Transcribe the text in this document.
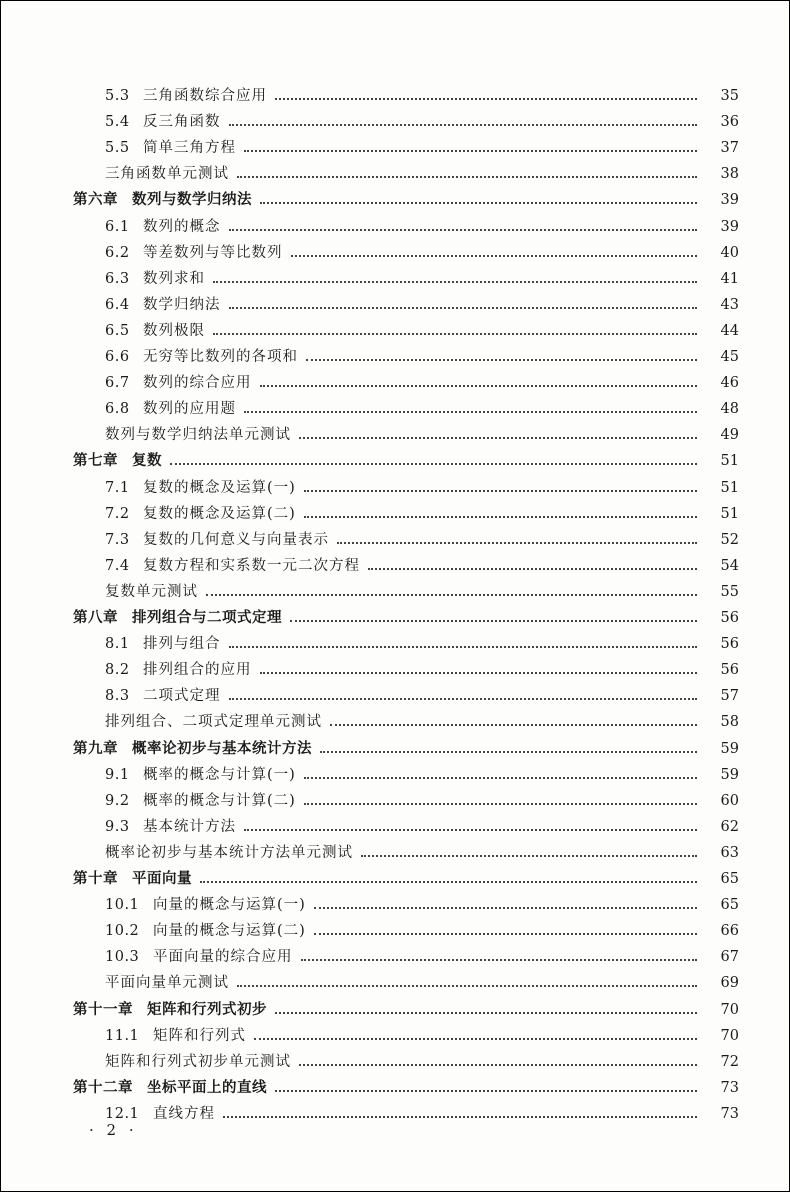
5.3 三角函数综合应用	35
5.4 反三角函数	36
5.5 简单三角方程	37
三角函数单元测试	38
第六章 数列与数学归纳法	39
6.1 数列的概念	39
6.2 等差数列与等比数列	40
6.3 数列求和	41
6.4 数学归纳法	43
6.5 数列极限	44
6.6 无穷等比数列的各项和	45
6.7 数列的综合应用	46
6.8 数列的应用题	48
数列与数学归纳法单元测试	49
第七章 复数	51
7.1 复数的概念及运算(一)	51
7.2 复数的概念及运算(二)	51
7.3 复数的几何意义与向量表示	52
7.4 复数方程和实系数一元二次方程	54
复数单元测试	55
第八章 排列组合与二项式定理	56
8.1 排列与组合	56
8.2 排列组合的应用	56
8.3 二项式定理	57
排列组合、二项式定理单元测试	58
第九章 概率论初步与基本统计方法	59
9.1 概率的概念与计算(一)	59
9.2 概率的概念与计算(二)	60
9.3 基本统计方法	62
概率论初步与基本统计方法单元测试	63
第十章 平面向量	65
10.1 向量的概念与运算(一)	65
10.2 向量的概念与运算(二)	66
10.3 平面向量的综合应用	67
平面向量单元测试	69
第十一章 矩阵和行列式初步	70
11.1 矩阵和行列式	70
矩阵和行列式初步单元测试	72
第十二章 坐标平面上的直线	73
12.1 直线方程	73
· 2 ·
